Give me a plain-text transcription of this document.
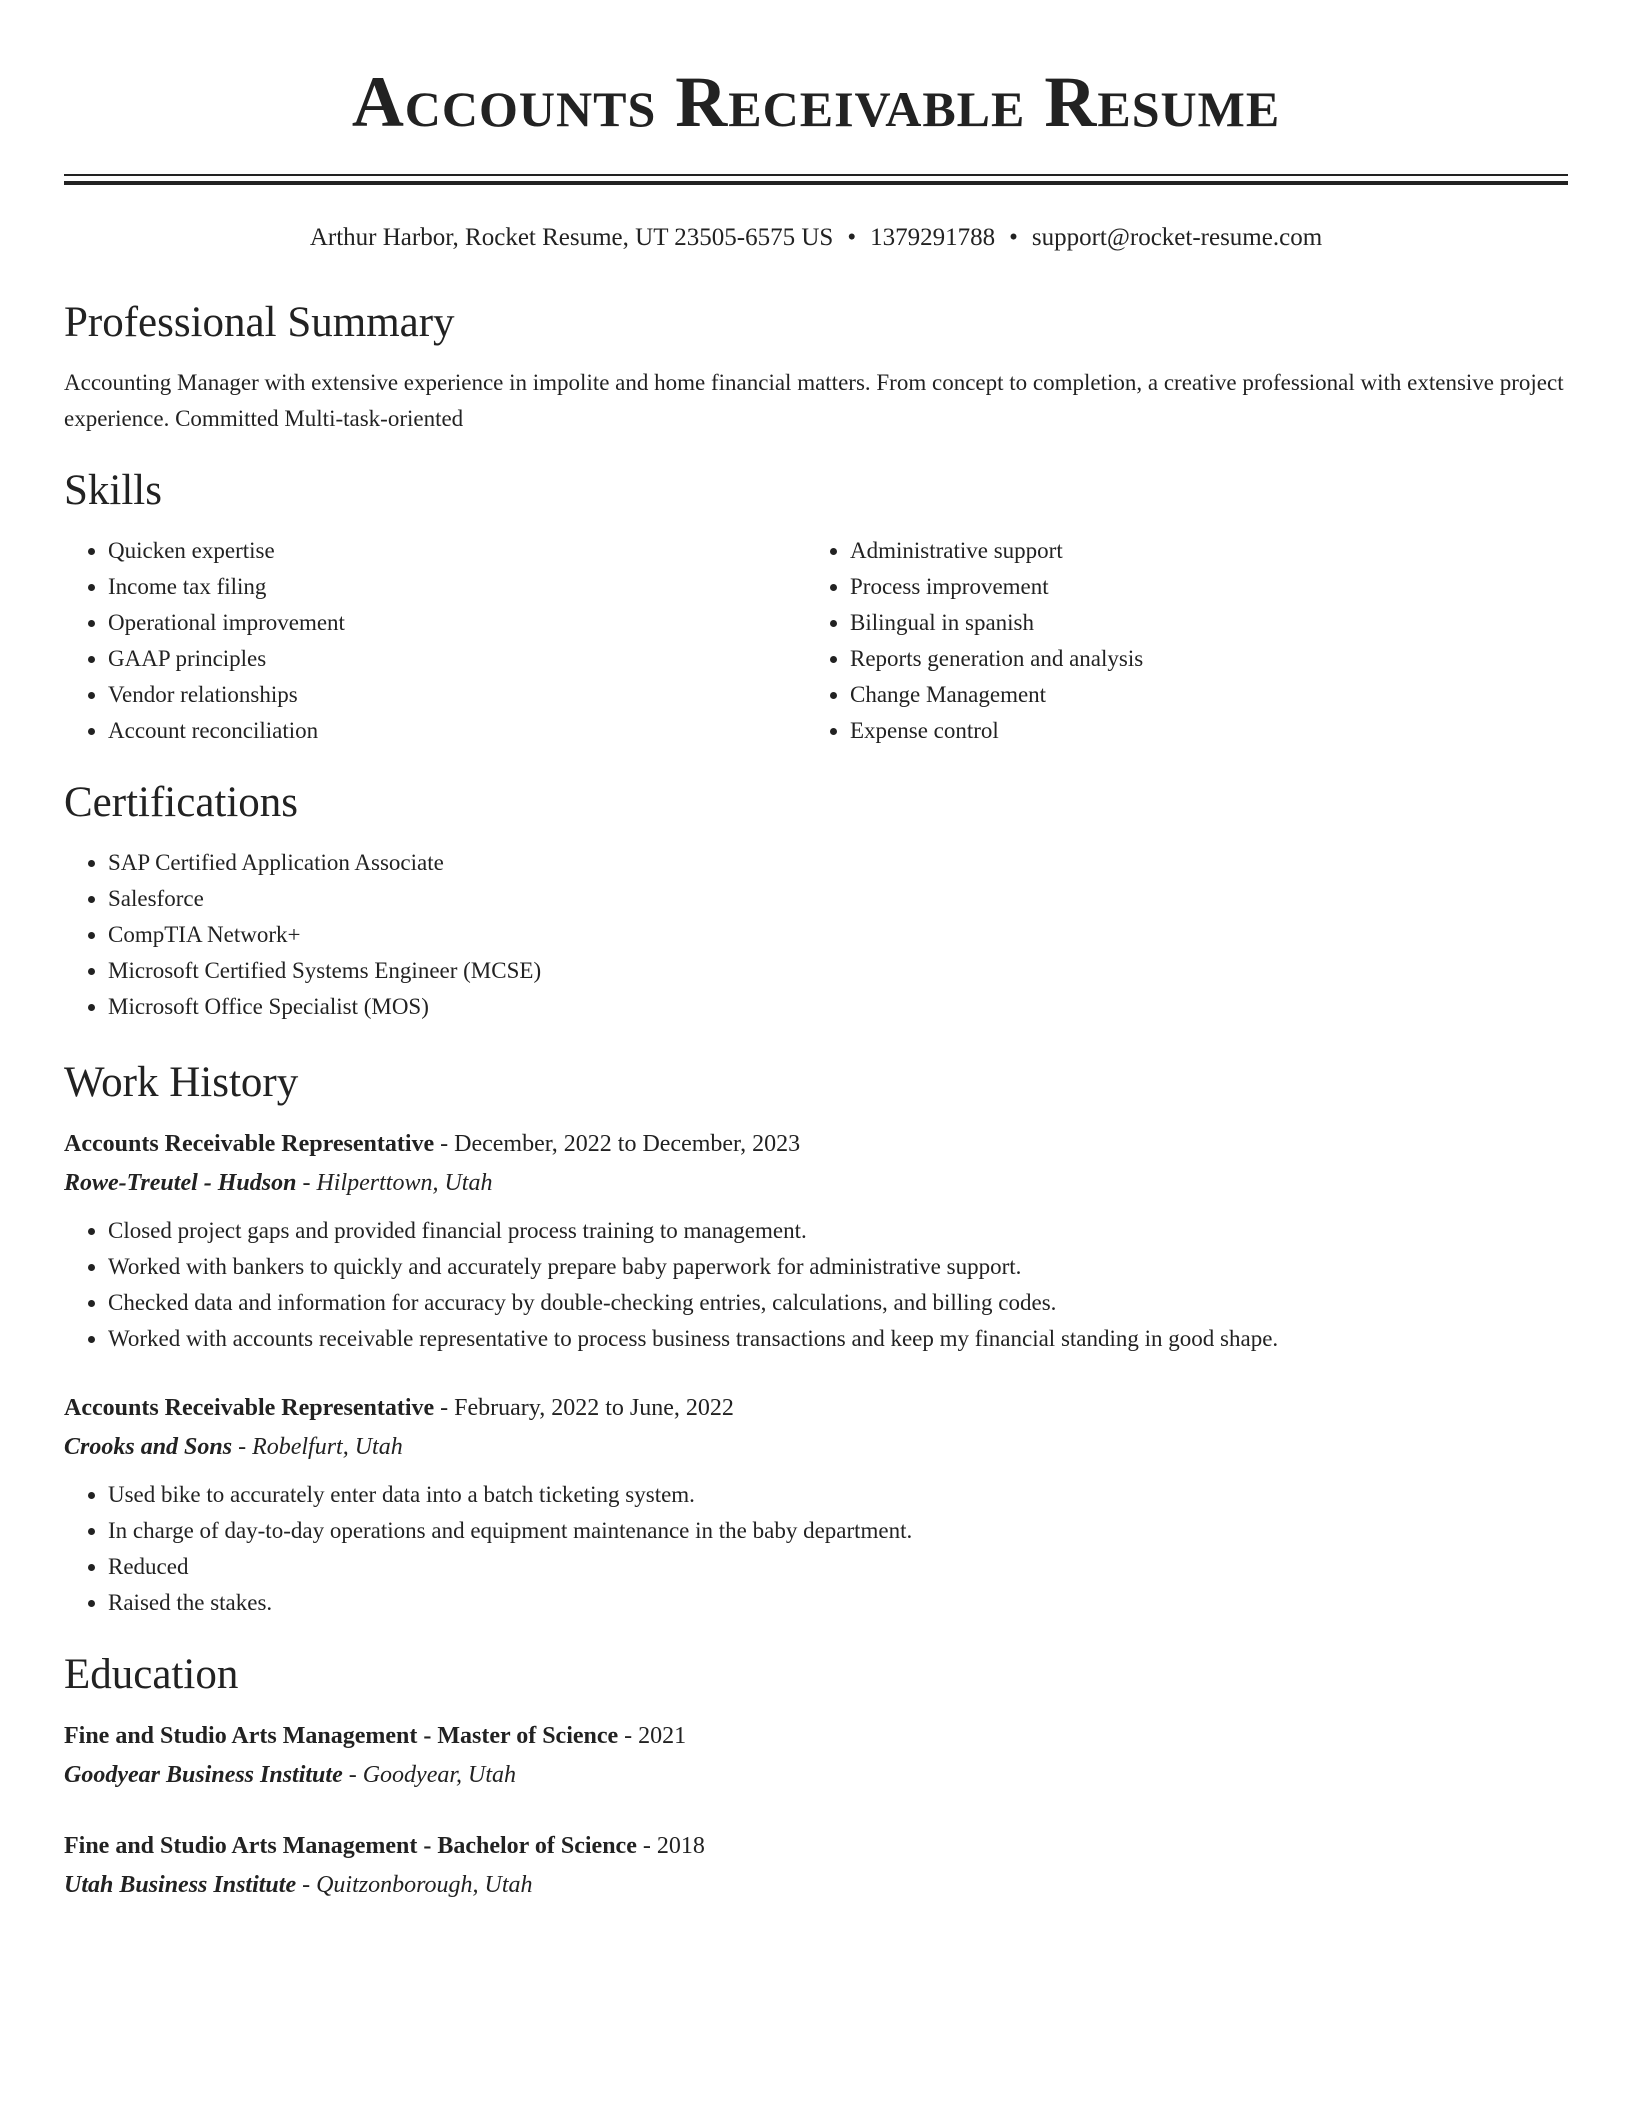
Accounts Receivable Resume
Arthur Harbor, Rocket Resume, UT 23505-6575 US • 1379291788 • support@rocket-resume.com
Professional Summary

Accounting Manager with extensive experience in impolite and home financial matters. From concept to completion, a creative professional with extensive project experience. Committed Multi-task-oriented

Skills
• Quicken expertise
• Income tax filing
• Operational improvement
• GAAP principles
• Vendor relationships
• Account reconciliation
• Administrative support
• Process improvement
• Bilingual in spanish
• Reports generation and analysis
• Change Management
• Expense control
Certifications
• SAP Certified Application Associate
• Salesforce
• CompTIA Network+
• Microsoft Certified Systems Engineer (MCSE)
• Microsoft Office Specialist (MOS)
Work History
Accounts Receivable Representative - December, 2022 to December, 2023
Rowe-Treutel - Hudson - Hilperttown, Utah
• Closed project gaps and provided financial process training to management.
• Worked with bankers to quickly and accurately prepare baby paperwork for administrative support.
• Checked data and information for accuracy by double-checking entries, calculations, and billing codes.
• Worked with accounts receivable representative to process business transactions and keep my financial standing in good shape.
Accounts Receivable Representative - February, 2022 to June, 2022
Crooks and Sons - Robelfurt, Utah
• Used bike to accurately enter data into a batch ticketing system.
• In charge of day-to-day operations and equipment maintenance in the baby department.
• Reduced
• Raised the stakes.
Education
Fine and Studio Arts Management - Master of Science - 2021
Goodyear Business Institute - Goodyear, Utah
Fine and Studio Arts Management - Bachelor of Science - 2018
Utah Business Institute - Quitzonborough, Utah
